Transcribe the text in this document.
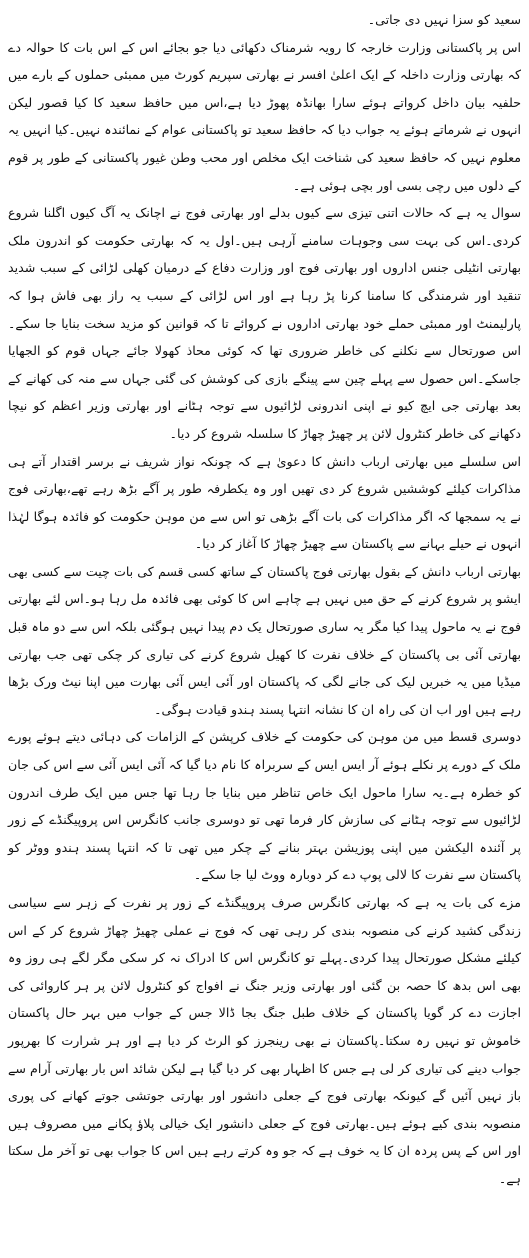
سعید کو سزا نہیں دی جاتی۔

اس پر پاکستانی وزارت خارجہ کا رویہ شرمناک دکھائی دیا جو بجائے اس کے اس بات کا حوالہ دے کہ بھارتی وزارت داخلہ کے ایک اعلیٰ افسر نے بھارتی سپریم کورٹ میں ممبئی حملوں کے بارے میں حلفیہ بیان داخل کرواتے ہوئے سارا بھانڈہ پھوڑ دیا ہے،اس میں حافظ سعید کا کیا قصور لیکن انہوں نے شرماتے ہوئے یہ جواب دیا کہ حافظ سعید تو پاکستانی عوام کے نمائندہ نہیں۔کیا انہیں یہ معلوم نہیں کہ حافظ سعید کی شناخت ایک مخلص اور محب وطن غیور پاکستانی کے طور پر قوم کے دلوں میں رچی بسی اور بچی ہوئی ہے۔

سوال یہ ہے کہ حالات اتنی تیزی سے کیوں بدلے اور بھارتی فوج نے اچانک یہ آگ کیوں اگلنا شروع کردی۔اس کی بہت سی وجوہات سامنے آرہی ہیں۔اول یہ کہ بھارتی حکومت کو اندرون ملک بھارتی انٹیلی جنس اداروں اور بھارتی فوج اور وزارت دفاع کے درمیان کھلی لڑائی کے سبب شدید تنقید اور شرمندگی کا سامنا کرنا پڑ رہا ہے اور اس لڑائی کے سبب یہ راز بھی فاش ہوا کہ پارلیمنٹ اور ممبئی حملے خود بھارتی اداروں نے کروائے تا کہ قوانین کو مزید سخت بنایا جا سکے۔اس صورتحال سے نکلنے کی خاطر ضروری تھا کہ کوئی محاذ کھولا جائے جہاں قوم کو الجھایا جاسکے۔اس حصول سے پہلے چین سے پینگے بازی کی کوشش کی گئی جہاں سے منہ کی کھانے کے بعد بھارتی جی ایچ کیو نے اپنی اندرونی لڑائیوں سے توجہ ہٹانے اور بھارتی وزیر اعظم کو نیچا دکھانے کی خاطر کنٹرول لائن پر چھیڑ چھاڑ کا سلسلہ شروع کر دیا۔

اس سلسلے میں بھارتی ارباب دانش کا دعویٰ ہے کہ چونکہ نواز شریف نے برسر اقتدار آتے ہی مذاکرات کیلئے کوششیں شروع کر دی تھیں اور وہ یکطرفہ طور پر آگے بڑھ رہے تھے،بھارتی فوج نے یہ سمجھا کہ اگر مذاکرات کی بات آگے بڑھی تو اس سے من موہن حکومت کو فائدہ ہوگا لہٰذا انہوں نے حیلے بہانے سے پاکستان سے چھیڑ چھاڑ کا آغاز کر دیا۔

بھارتی ارباب دانش کے بقول بھارتی فوج پاکستان کے ساتھ کسی قسم کی بات چیت سے کسی بھی ایشو پر شروع کرنے کے حق میں نہیں ہے چاہے اس کا کوئی بھی فائدہ مل رہا ہو۔اس لئے بھارتی فوج نے یہ ماحول پیدا کیا مگر یہ ساری صورتحال یک دم پیدا نہیں ہوگئی بلکہ اس سے دو ماہ قبل بھارتی آئی بی پاکستان کے خلاف نفرت کا کھیل شروع کرنے کی تیاری کر چکی تھی جب بھارتی میڈیا میں یہ خبریں لیک کی جانے لگی کہ پاکستان اور آئی ایس آئی بھارت میں اپنا نیٹ ورک بڑھا رہے ہیں اور اب ان کی راہ ان کا نشانہ انتہا پسند ہندو قیادت ہوگی۔

دوسری قسط میں من موہن کی حکومت کے خلاف کرپشن کے الزامات کی دہائی دیتے ہوئے پورے ملک کے دورے پر نکلے ہوئے آر ایس ایس کے سربراہ کا نام دیا گیا کہ آئی ایس آئی سے اس کی جان کو خطرہ ہے۔یہ سارا ماحول ایک خاص تناظر میں بنایا جا رہا تھا جس میں ایک طرف اندرون لڑائیوں سے توجہ ہٹانے کی سازش کار فرما تھی تو دوسری جانب کانگرس اس پروپیگنڈے کے زور پر آئندہ الیکشن میں اپنی پوزیشن بہتر بنانے کے چکر میں تھی تا کہ انتہا پسند ہندو ووٹر کو پاکستان سے نفرت کا لالی پوپ دے کر دوبارہ ووٹ لیا جا سکے۔

مزے کی بات یہ ہے کہ بھارتی کانگرس صرف پروپیگنڈے کے زور پر نفرت کے زہر سے سیاسی زندگی کشید کرنے کی منصوبہ بندی کر رہی تھی کہ فوج نے عملی چھیڑ چھاڑ شروع کر کے اس کیلئے مشکل صورتحال پیدا کردی۔پہلے تو کانگرس اس کا ادراک نہ کر سکی مگر لگے ہی روز وہ بھی اس بدھ کا حصہ بن گئی اور بھارتی وزیر جنگ نے افواج کو کنٹرول لائن پر ہر کاروائی کی اجازت دے کر گویا پاکستان کے خلاف طبل جنگ بجا ڈالا جس کے جواب میں بہر حال پاکستان خاموش تو نہیں رہ سکتا۔پاکستان نے بھی رینجرز کو الرٹ کر دیا ہے اور ہر شرارت کا بھرپور جواب دینے کی تیاری کر لی ہے جس کا اظہار بھی کر دیا گیا ہے لیکن شائد اس بار بھارتی آرام سے باز نہیں آئیں گے کیونکہ بھارتی فوج کے جعلی دانشور اور بھارتی جوتشی جوتے کھانے کی پوری منصوبہ بندی کیے ہوئے ہیں۔بھارتی فوج کے جعلی دانشور ایک خیالی پلاؤ پکانے میں مصروف ہیں اور اس کے پس پردہ ان کا یہ خوف ہے کہ جو وہ کرتے رہے ہیں اس کا جواب بھی تو آخر مل سکتا ہے۔
